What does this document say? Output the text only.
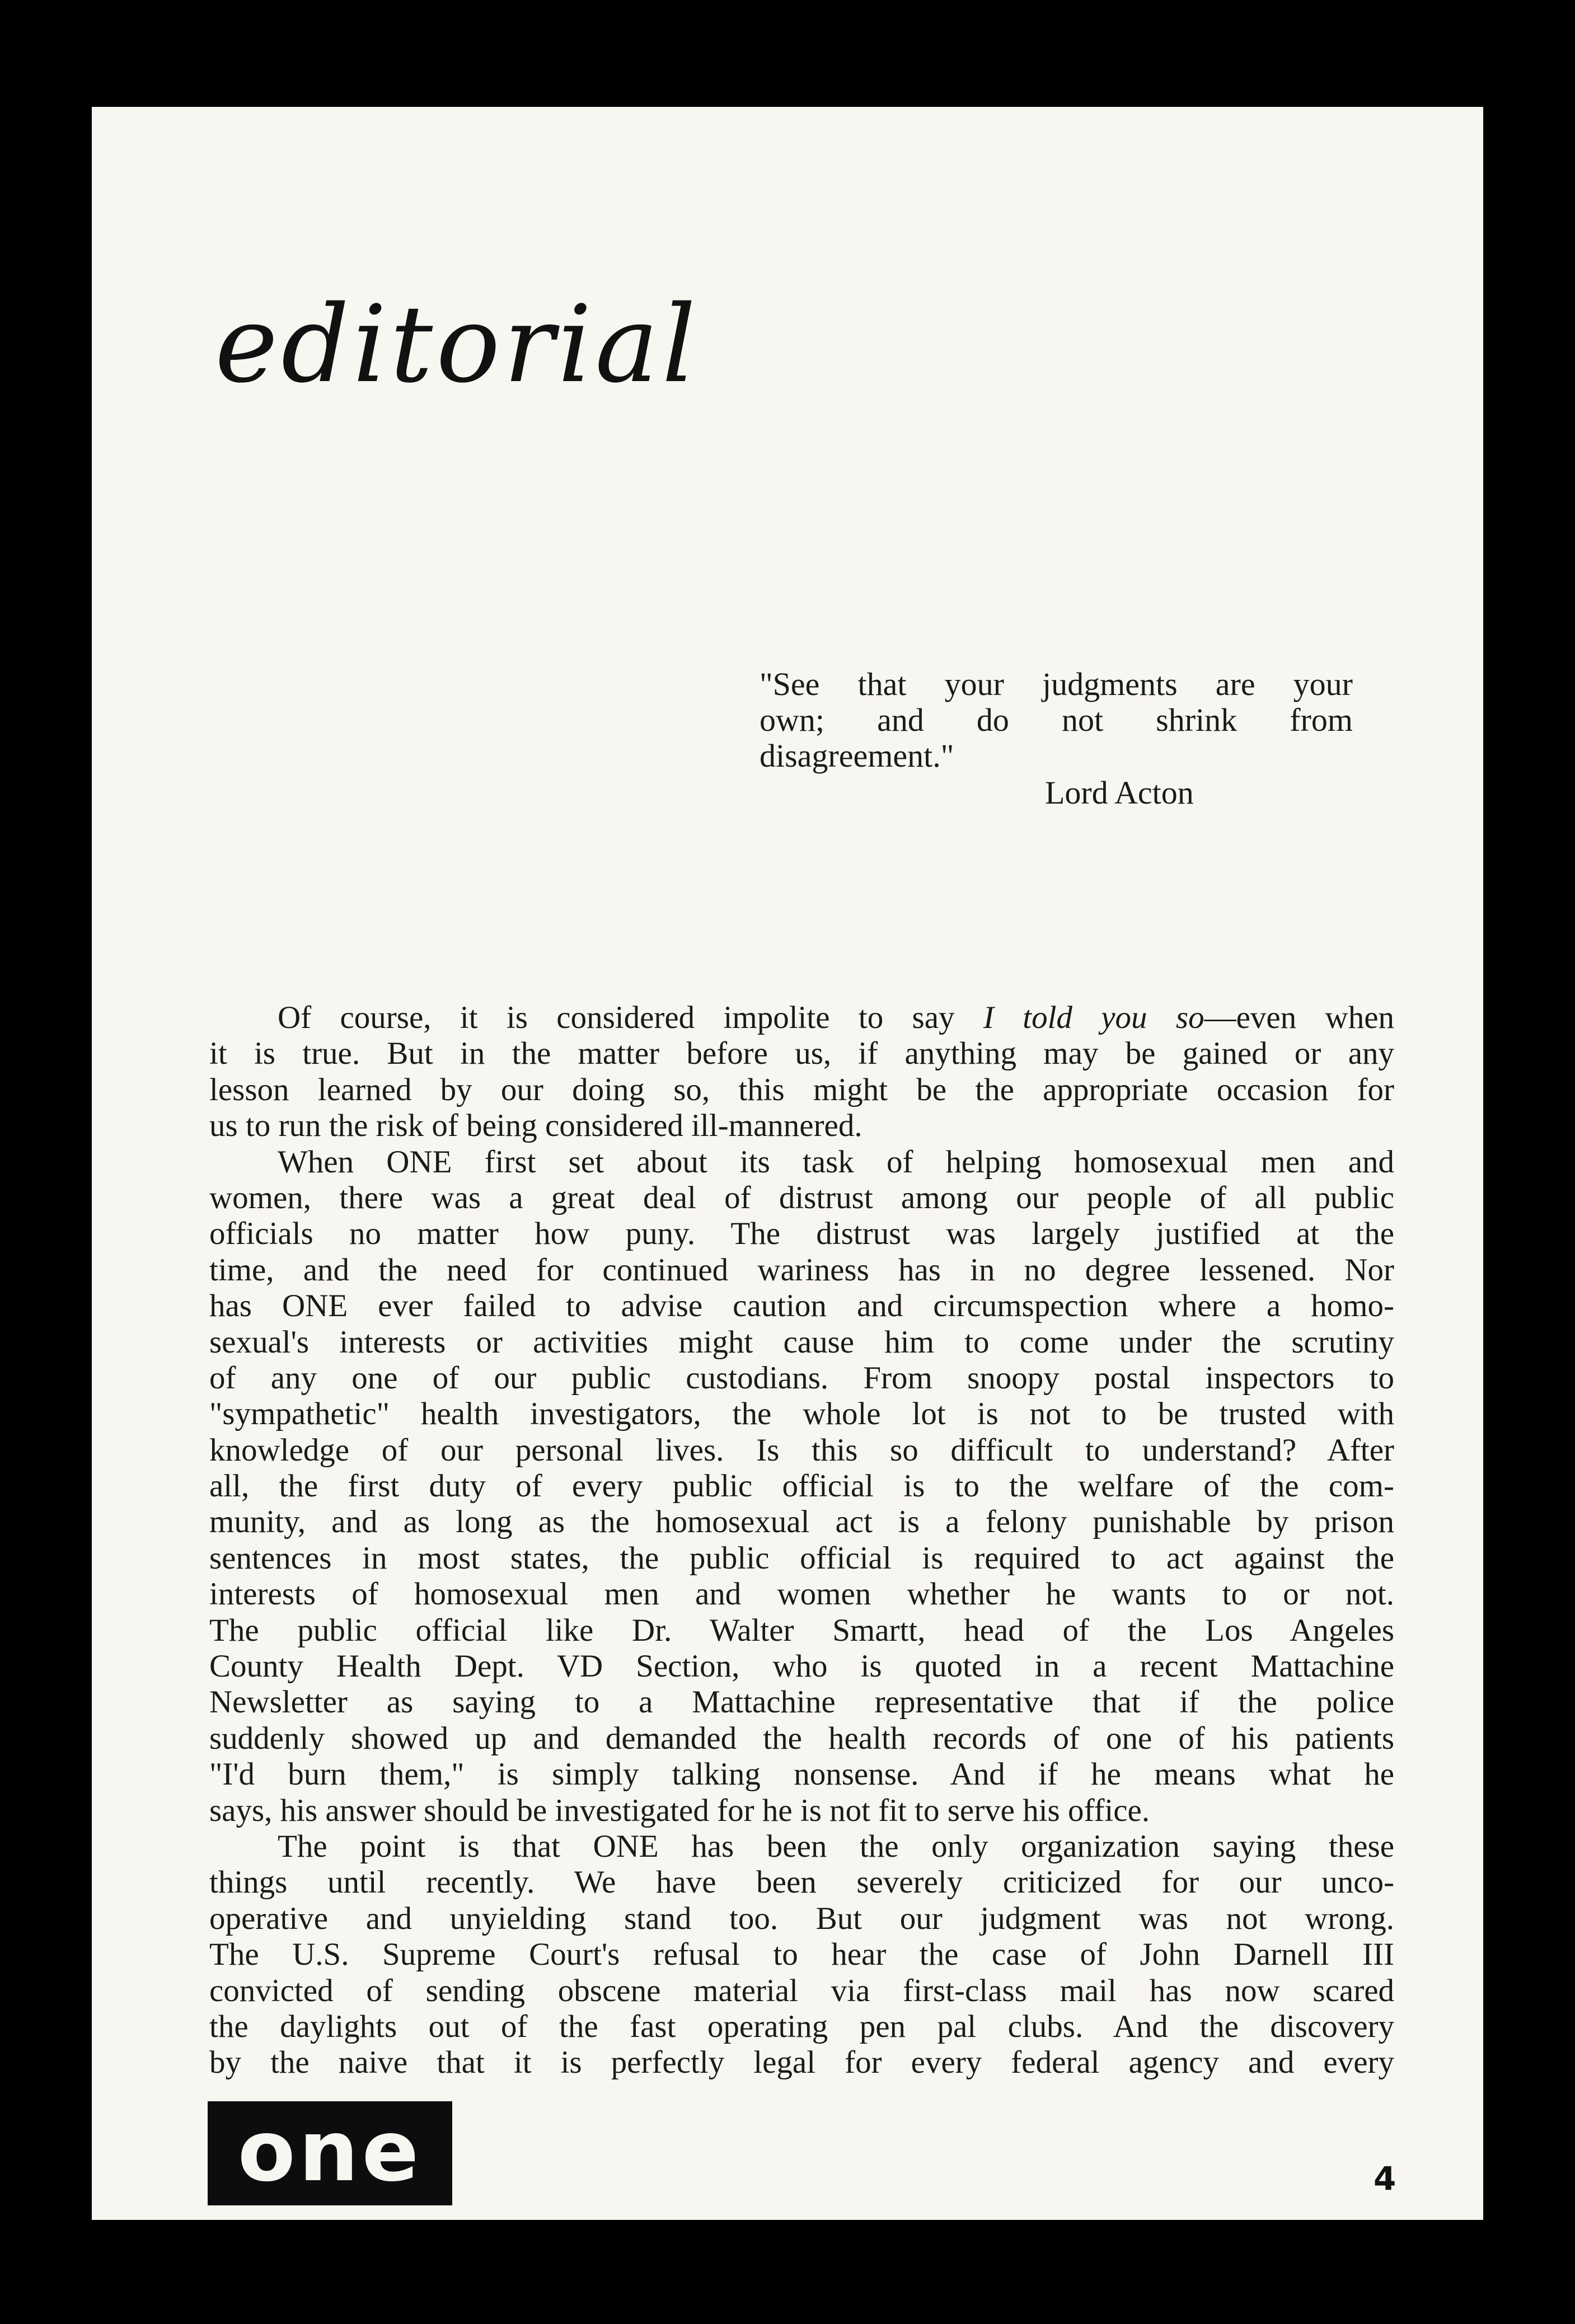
editorial
"See that your judgments are your
own; and do not shrink from
disagreement."
Lord Acton
Of course, it is considered impolite to say I told you so—even when
it is true. But in the matter before us, if anything may be gained or any
lesson learned by our doing so, this might be the appropriate occasion for
us to run the risk of being considered ill-mannered.
When ONE first set about its task of helping homosexual men and
women, there was a great deal of distrust among our people of all public
officials no matter how puny. The distrust was largely justified at the
time, and the need for continued wariness has in no degree lessened. Nor
has ONE ever failed to advise caution and circumspection where a homo-
sexual's interests or activities might cause him to come under the scrutiny
of any one of our public custodians. From snoopy postal inspectors to
"sympathetic" health investigators, the whole lot is not to be trusted with
knowledge of our personal lives. Is this so difficult to understand? After
all, the first duty of every public official is to the welfare of the com-
munity, and as long as the homosexual act is a felony punishable by prison
sentences in most states, the public official is required to act against the
interests of homosexual men and women whether he wants to or not.
The public official like Dr. Walter Smartt, head of the Los Angeles
County Health Dept. VD Section, who is quoted in a recent Mattachine
Newsletter as saying to a Mattachine representative that if the police
suddenly showed up and demanded the health records of one of his patients
"I'd burn them," is simply talking nonsense. And if he means what he
says, his answer should be investigated for he is not fit to serve his office.
The point is that ONE has been the only organization saying these
things until recently. We have been severely criticized for our unco-
operative and unyielding stand too. But our judgment was not wrong.
The U.S. Supreme Court's refusal to hear the case of John Darnell III
convicted of sending obscene material via first-class mail has now scared
the daylights out of the fast operating pen pal clubs. And the discovery
by the naive that it is perfectly legal for every federal agency and every
one	4
